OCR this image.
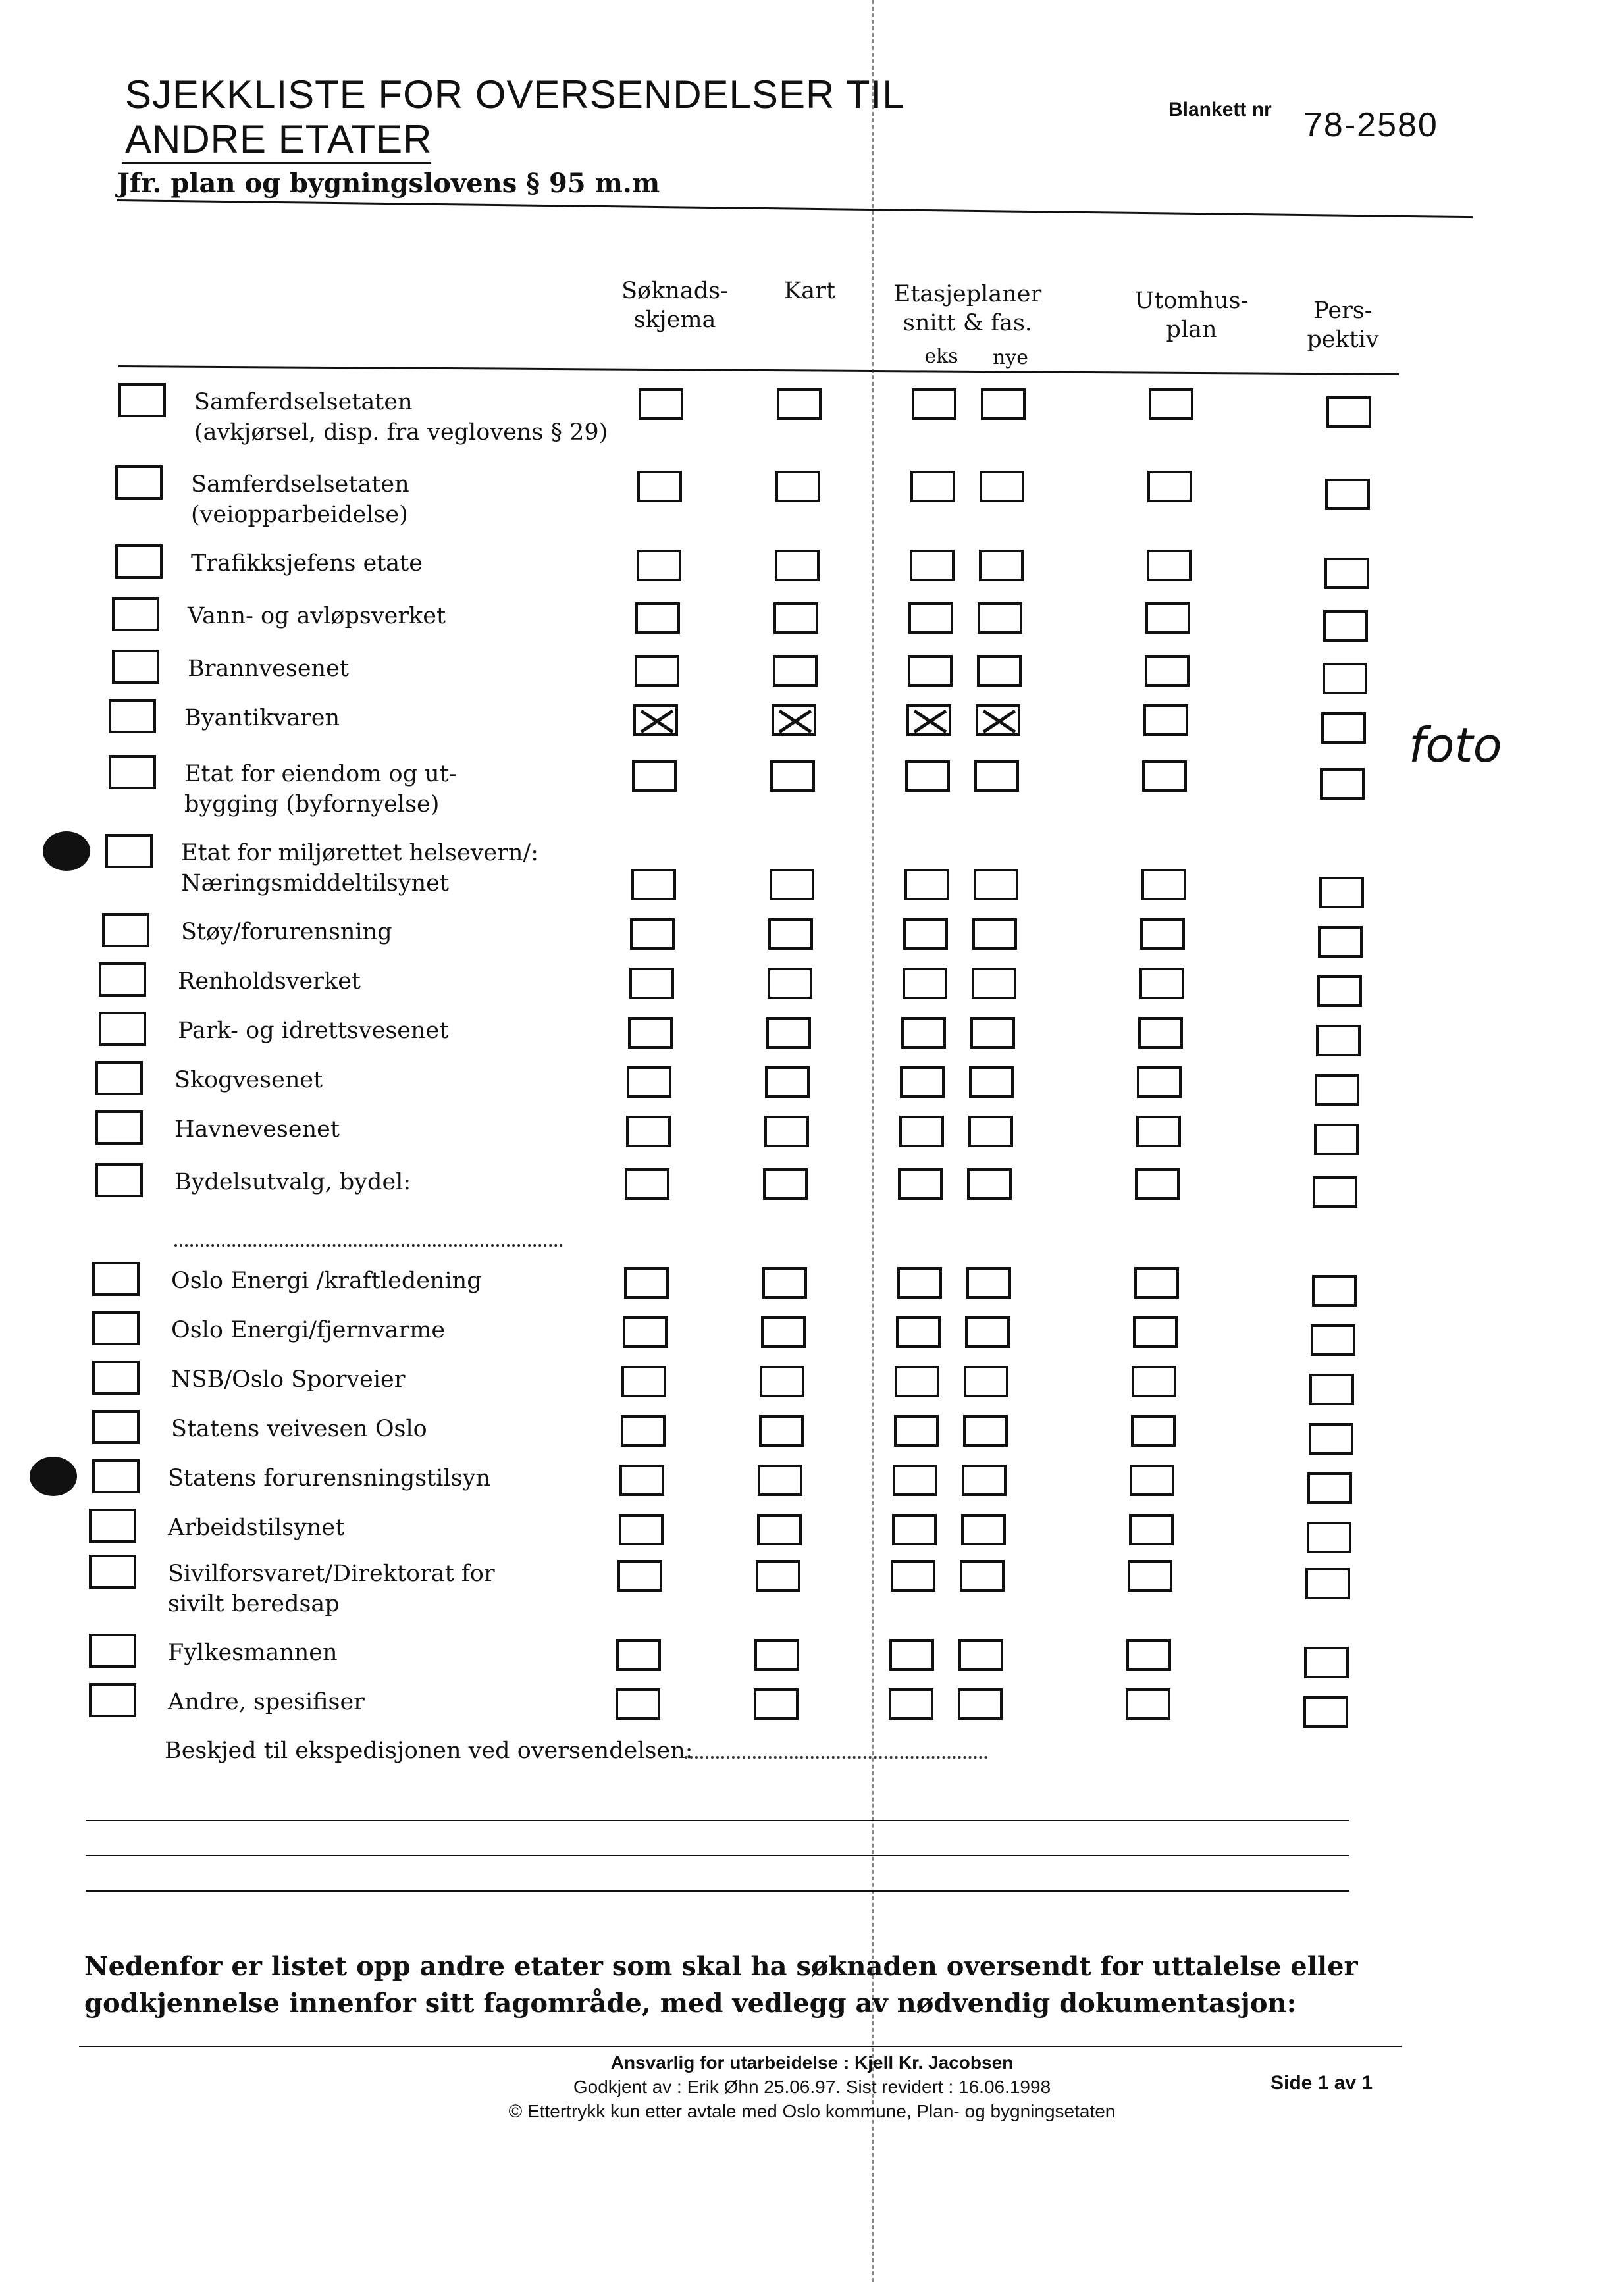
SJEKKLISTE FOR OVERSENDELSER TIL
ANDRE ETATER
Jfr. plan og bygningslovens § 95 m.m
Blankett nr 78-2580
Søknads-
skjema
Kart	Etasjeplaner
snitt & fas.
eks	nye
Utomhus-
plan
Pers-
pektiv
Samferdselsetaten
(avkjørsel, disp. fra veglovens § 29)
Samferdselsetaten
(veiopparbeidelse)
Trafikksjefens etate
Vann- og avløpsverket
Brannvesenet
Byantikvaren
Etat for eiendom og ut-
bygging (byfornyelse)
Etat for miljørettet helsevern/:
Næringsmiddeltilsynet
Støy/forurensning
Renholdsverket
Park- og idrettsvesenet
Skogvesenet
Havnevesenet
Bydelsutvalg, bydel:
Oslo Energi /kraftledening
Oslo Energi/fjernvarme
NSB/Oslo Sporveier
Statens veivesen Oslo
Statens forurensningstilsyn
Arbeidstilsynet
Sivilforsvaret/Direktorat for
sivilt beredsap
Fylkesmannen
Andre, spesifiser
Beskjed til ekspedisjonen ved oversendelsen:
Nedenfor er listet opp andre etater som skal ha søknaden oversendt for uttalelse eller godkjennelse innenfor sitt fagområde, med vedlegg av nødvendig dokumentasjon:
Ansvarlig for utarbeidelse : Kjell Kr. Jacobsen
Godkjent av : Erik Øhn 25.06.97. Sist revidert : 16.06.1998
© Ettertrykk kun etter avtale med Oslo kommune, Plan- og bygningsetaten
Side 1 av 1
foto
